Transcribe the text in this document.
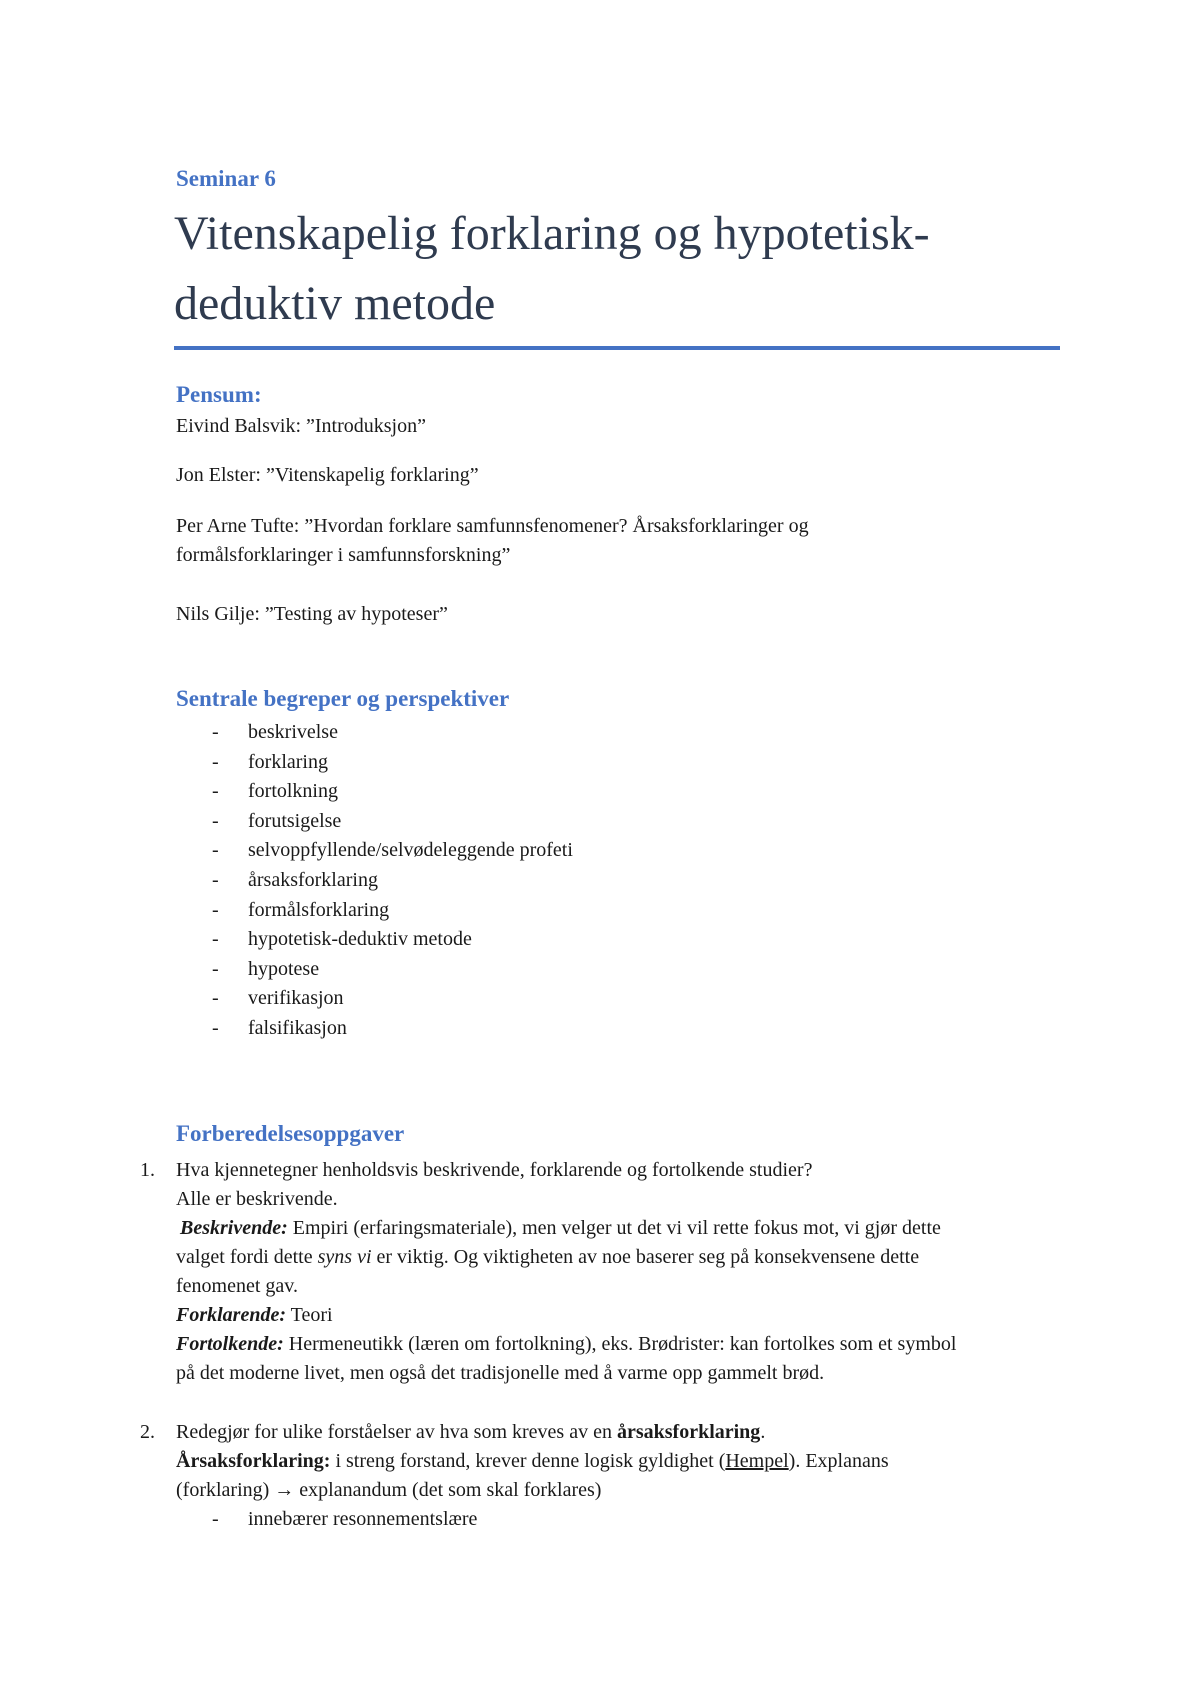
Seminar 6
Vitenskapelig forklaring og hypotetisk-
deduktiv metode
Pensum:
Eivind Balsvik: ”Introduksjon”
Jon Elster: ”Vitenskapelig forklaring”
Per Arne Tufte: ”Hvordan forklare samfunnsfenomener? Årsaksforklaringer og
formålsforklaringer i samfunnsforskning”
Nils Gilje: ”Testing av hypoteser”
Sentrale begreper og perspektiver
- beskrivelse
- forklaring
- fortolkning
- forutsigelse
- selvoppfyllende/selvødeleggende profeti
- årsaksforklaring
- formålsforklaring
- hypotetisk-deduktiv metode
- hypotese
- verifikasjon
- falsifikasjon
Forberedelsesoppgaver
1. Hva kjennetegner henholdsvis beskrivende, forklarende og fortolkende studier?
Alle er beskrivende.
Beskrivende: Empiri (erfaringsmateriale), men velger ut det vi vil rette fokus mot, vi gjør dette
valget fordi dette syns vi er viktig. Og viktigheten av noe baserer seg på konsekvensene dette
fenomenet gav.
Forklarende: Teori
Fortolkende: Hermeneutikk (læren om fortolkning), eks. Brødrister: kan fortolkes som et symbol
på det moderne livet, men også det tradisjonelle med å varme opp gammelt brød.
2. Redegjør for ulike forståelser av hva som kreves av en årsaksforklaring.
Årsaksforklaring: i streng forstand, krever denne logisk gyldighet (Hempel). Explanans
(forklaring) → explanandum (det som skal forklares)
- innebærer resonnementslære
